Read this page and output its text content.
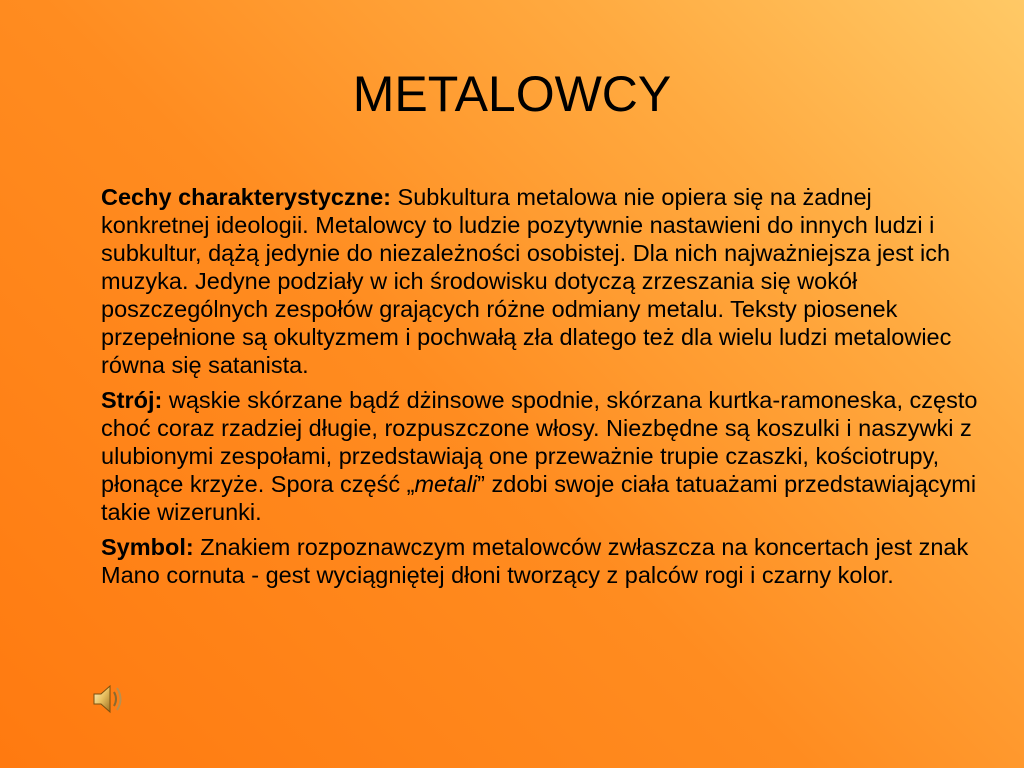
METALOWCY

Cechy charakterystyczne: Subkultura metalowa nie opiera się na żadnej konkretnej ideologii. Metalowcy to ludzie pozytywnie nastawieni do innych ludzi i subkultur, dążą jedynie do niezależności osobistej. Dla nich najważniejsza jest ich muzyka. Jedyne podziały w ich środowisku dotyczą zrzeszania się wokół poszczególnych zespołów grających różne odmiany metalu. Teksty piosenek przepełnione są okultyzmem i pochwałą zła dlatego też dla wielu ludzi metalowiec równa się satanista.

Strój: wąskie skórzane bądź dżinsowe spodnie, skórzana kurtka-ramoneska, często choć coraz rzadziej długie, rozpuszczone włosy. Niezbędne są koszulki i naszywki z ulubionymi zespołami, przedstawiają one przeważnie trupie czaszki, kościotrupy, płonące krzyże. Spora część „metali” zdobi swoje ciała tatuażami przedstawiającymi takie wizerunki.

Symbol: Znakiem rozpoznawczym metalowców zwłaszcza na koncertach jest znak Mano cornuta - gest wyciągniętej dłoni tworzący z palców rogi i czarny kolor.
